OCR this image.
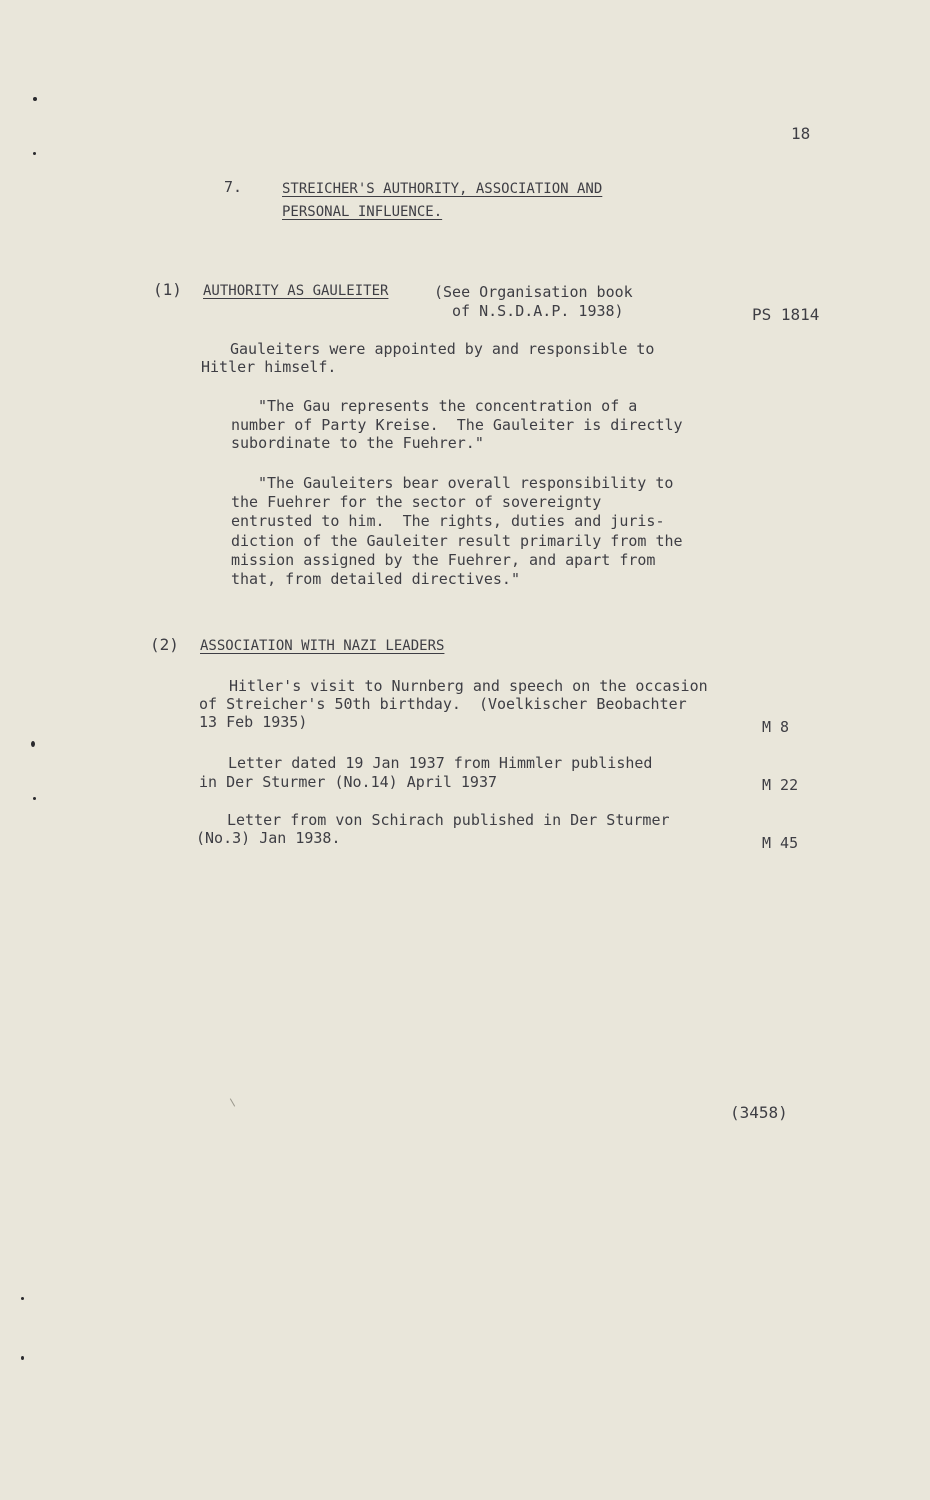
18
7.	STREICHER'S AUTHORITY, ASSOCIATION AND
PERSONAL INFLUENCE.
(1) AUTHORITY AS GAULEITER	(See Organisation book
of N.S.D.A.P. 1938)	PS 1814
Gauleiters were appointed by and responsible to
Hitler himself.
"The Gau represents the concentration of a
number of Party Kreise.  The Gauleiter is directly
subordinate to the Fuehrer."
"The Gauleiters bear overall responsibility to
the Fuehrer for the sector of sovereignty
entrusted to him.  The rights, duties and juris-
diction of the Gauleiter result primarily from the
mission assigned by the Fuehrer, and apart from
that, from detailed directives."
(2) ASSOCIATION WITH NAZI LEADERS
Hitler's visit to Nurnberg and speech on the occasion
of Streicher's 50th birthday.  (Voelkischer Beobachter
13 Feb 1935)	M 8
Letter dated 19 Jan 1937 from Himmler published
in Der Sturmer (No.14) April 1937	M 22
Letter from von Schirach published in Der Sturmer
(No.3) Jan 1938.	M 45
(3458)
